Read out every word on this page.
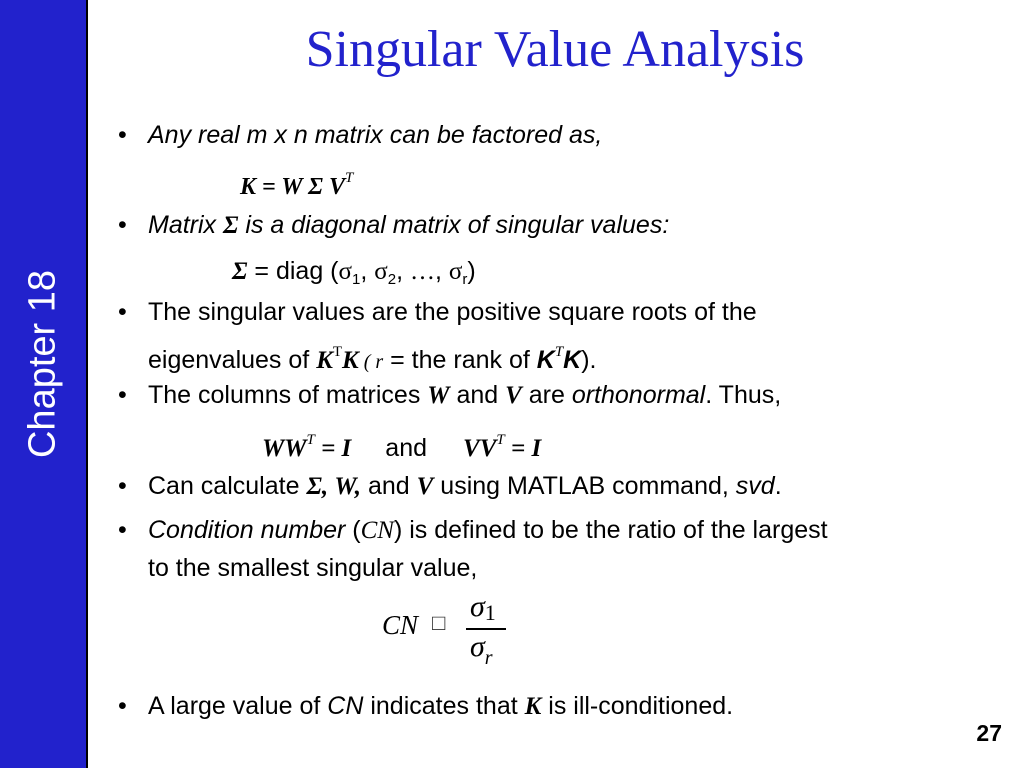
Chapter 18
Singular Value Analysis
• Any real m x n matrix can be factored as,
K = W Σ $V^T$
• Matrix Σ is a diagonal matrix of singular values:
Σ = diag ($\sigma_1$, $\sigma_2$, …, $\sigma_r$)
• The singular values are the positive square roots of the
eigenvalues of $K^TK$ ( r = the rank of $K^TK$).
• The columns of matrices W and V are orthonormal. Thus,
$WW^T = I$ and $VV^T = I$
• Can calculate Σ, W, and V using MATLAB command, svd.
• Condition number (CN) is defined to be the ratio of the largest
to the smallest singular value,
CN □ σ1
$\sigma_r$
• A large value of CN indicates that K is ill-conditioned.
27
